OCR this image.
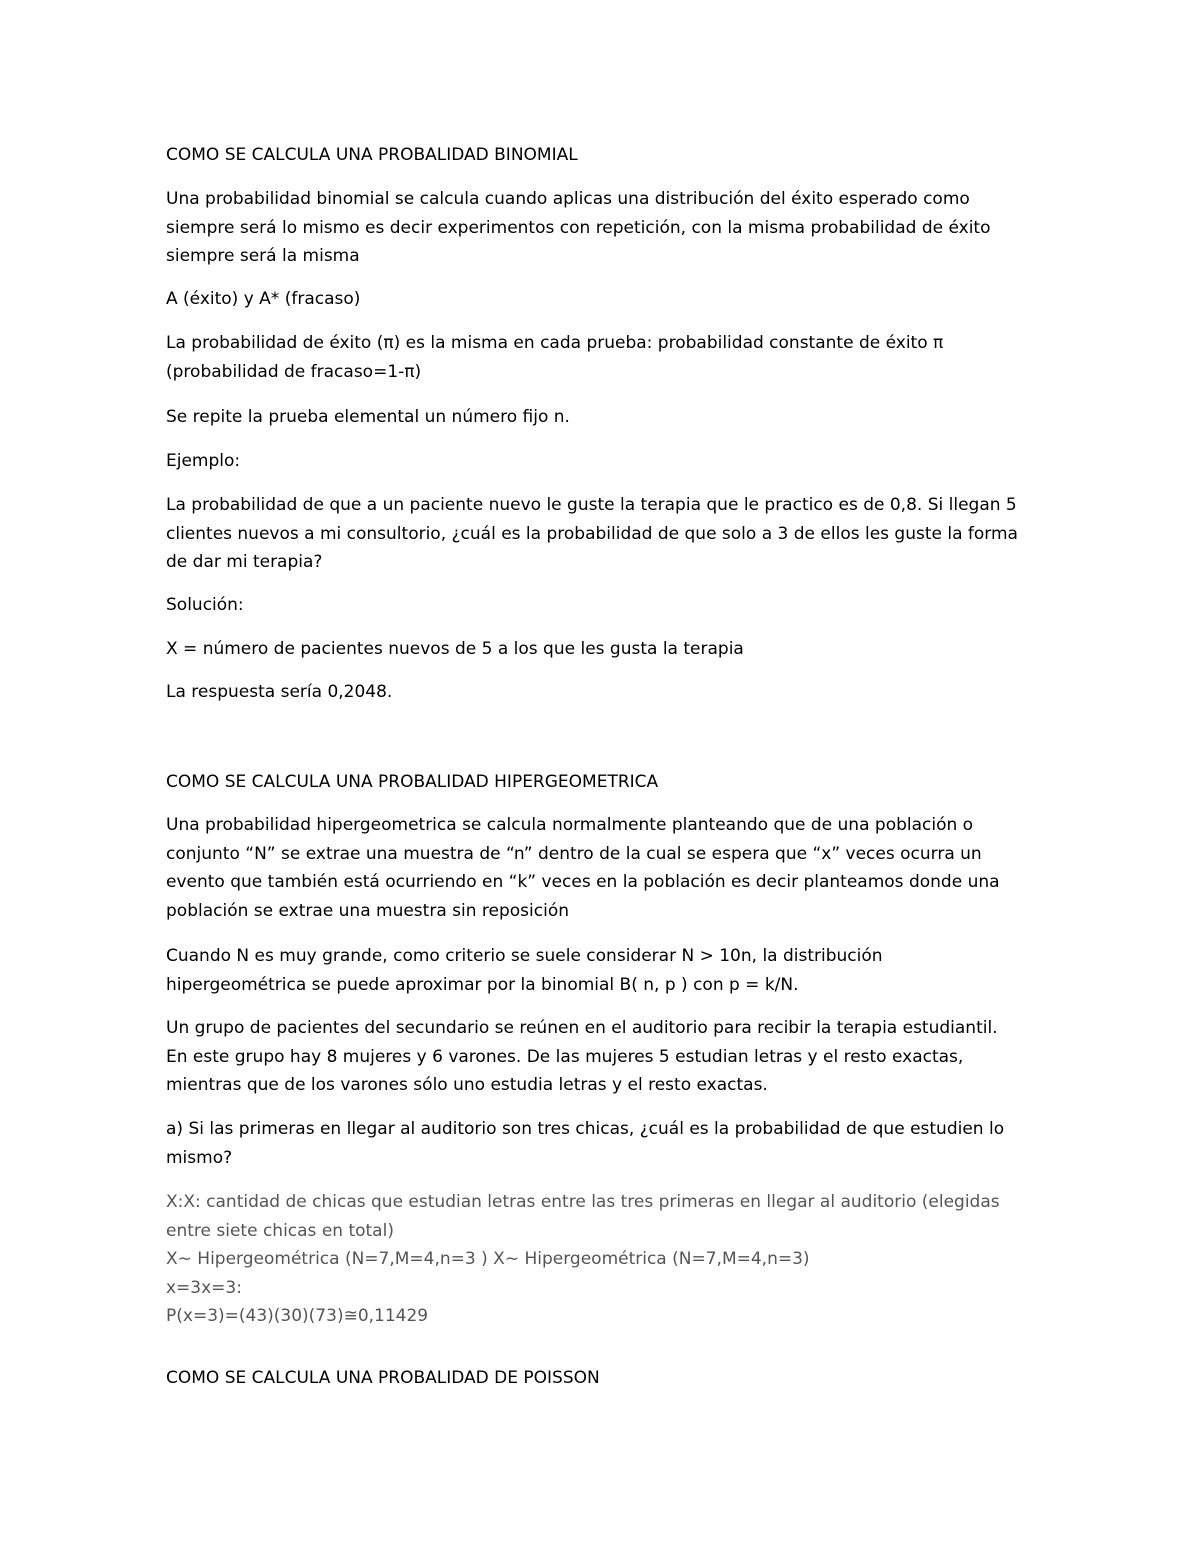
COMO SE CALCULA UNA PROBALIDAD BINOMIAL
Una probabilidad binomial se calcula cuando aplicas una distribución del éxito esperado como
siempre será lo mismo es decir experimentos con repetición, con la misma probabilidad de éxito
siempre será la misma
A (éxito) y A* (fracaso)
La probabilidad de éxito (π) es la misma en cada prueba: probabilidad constante de éxito π
(probabilidad de fracaso=1-π)
Se repite la prueba elemental un número fijo n.
Ejemplo:
La probabilidad de que a un paciente nuevo le guste la terapia que le practico es de 0,8. Si llegan 5
clientes nuevos a mi consultorio, ¿cuál es la probabilidad de que solo a 3 de ellos les guste la forma
de dar mi terapia?
Solución:
X = número de pacientes nuevos de 5 a los que les gusta la terapia
La respuesta sería 0,2048.
COMO SE CALCULA UNA PROBALIDAD HIPERGEOMETRICA
Una probabilidad hipergeometrica se calcula normalmente planteando que de una población o
conjunto “N” se extrae una muestra de “n” dentro de la cual se espera que “x” veces ocurra un
evento que también está ocurriendo en “k” veces en la población es decir planteamos donde una
población se extrae una muestra sin reposición
Cuando N es muy grande, como criterio se suele considerar N > 10n, la distribución
hipergeométrica se puede aproximar por la binomial B( n, p ) con p = k/N.
Un grupo de pacientes del secundario se reúnen en el auditorio para recibir la terapia estudiantil.
En este grupo hay 8 mujeres y 6 varones. De las mujeres 5 estudian letras y el resto exactas,
mientras que de los varones sólo uno estudia letras y el resto exactas.
a) Si las primeras en llegar al auditorio son tres chicas, ¿cuál es la probabilidad de que estudien lo
mismo?
X:X: cantidad de chicas que estudian letras entre las tres primeras en llegar al auditorio (elegidas
entre siete chicas en total)
X∼ Hipergeométrica (N=7,M=4,n=3 ) X∼ Hipergeométrica (N=7,M=4,n=3)
x=3x=3:
P(x=3)=(43)(30)(73)≅0,11429
COMO SE CALCULA UNA PROBALIDAD DE POISSON
